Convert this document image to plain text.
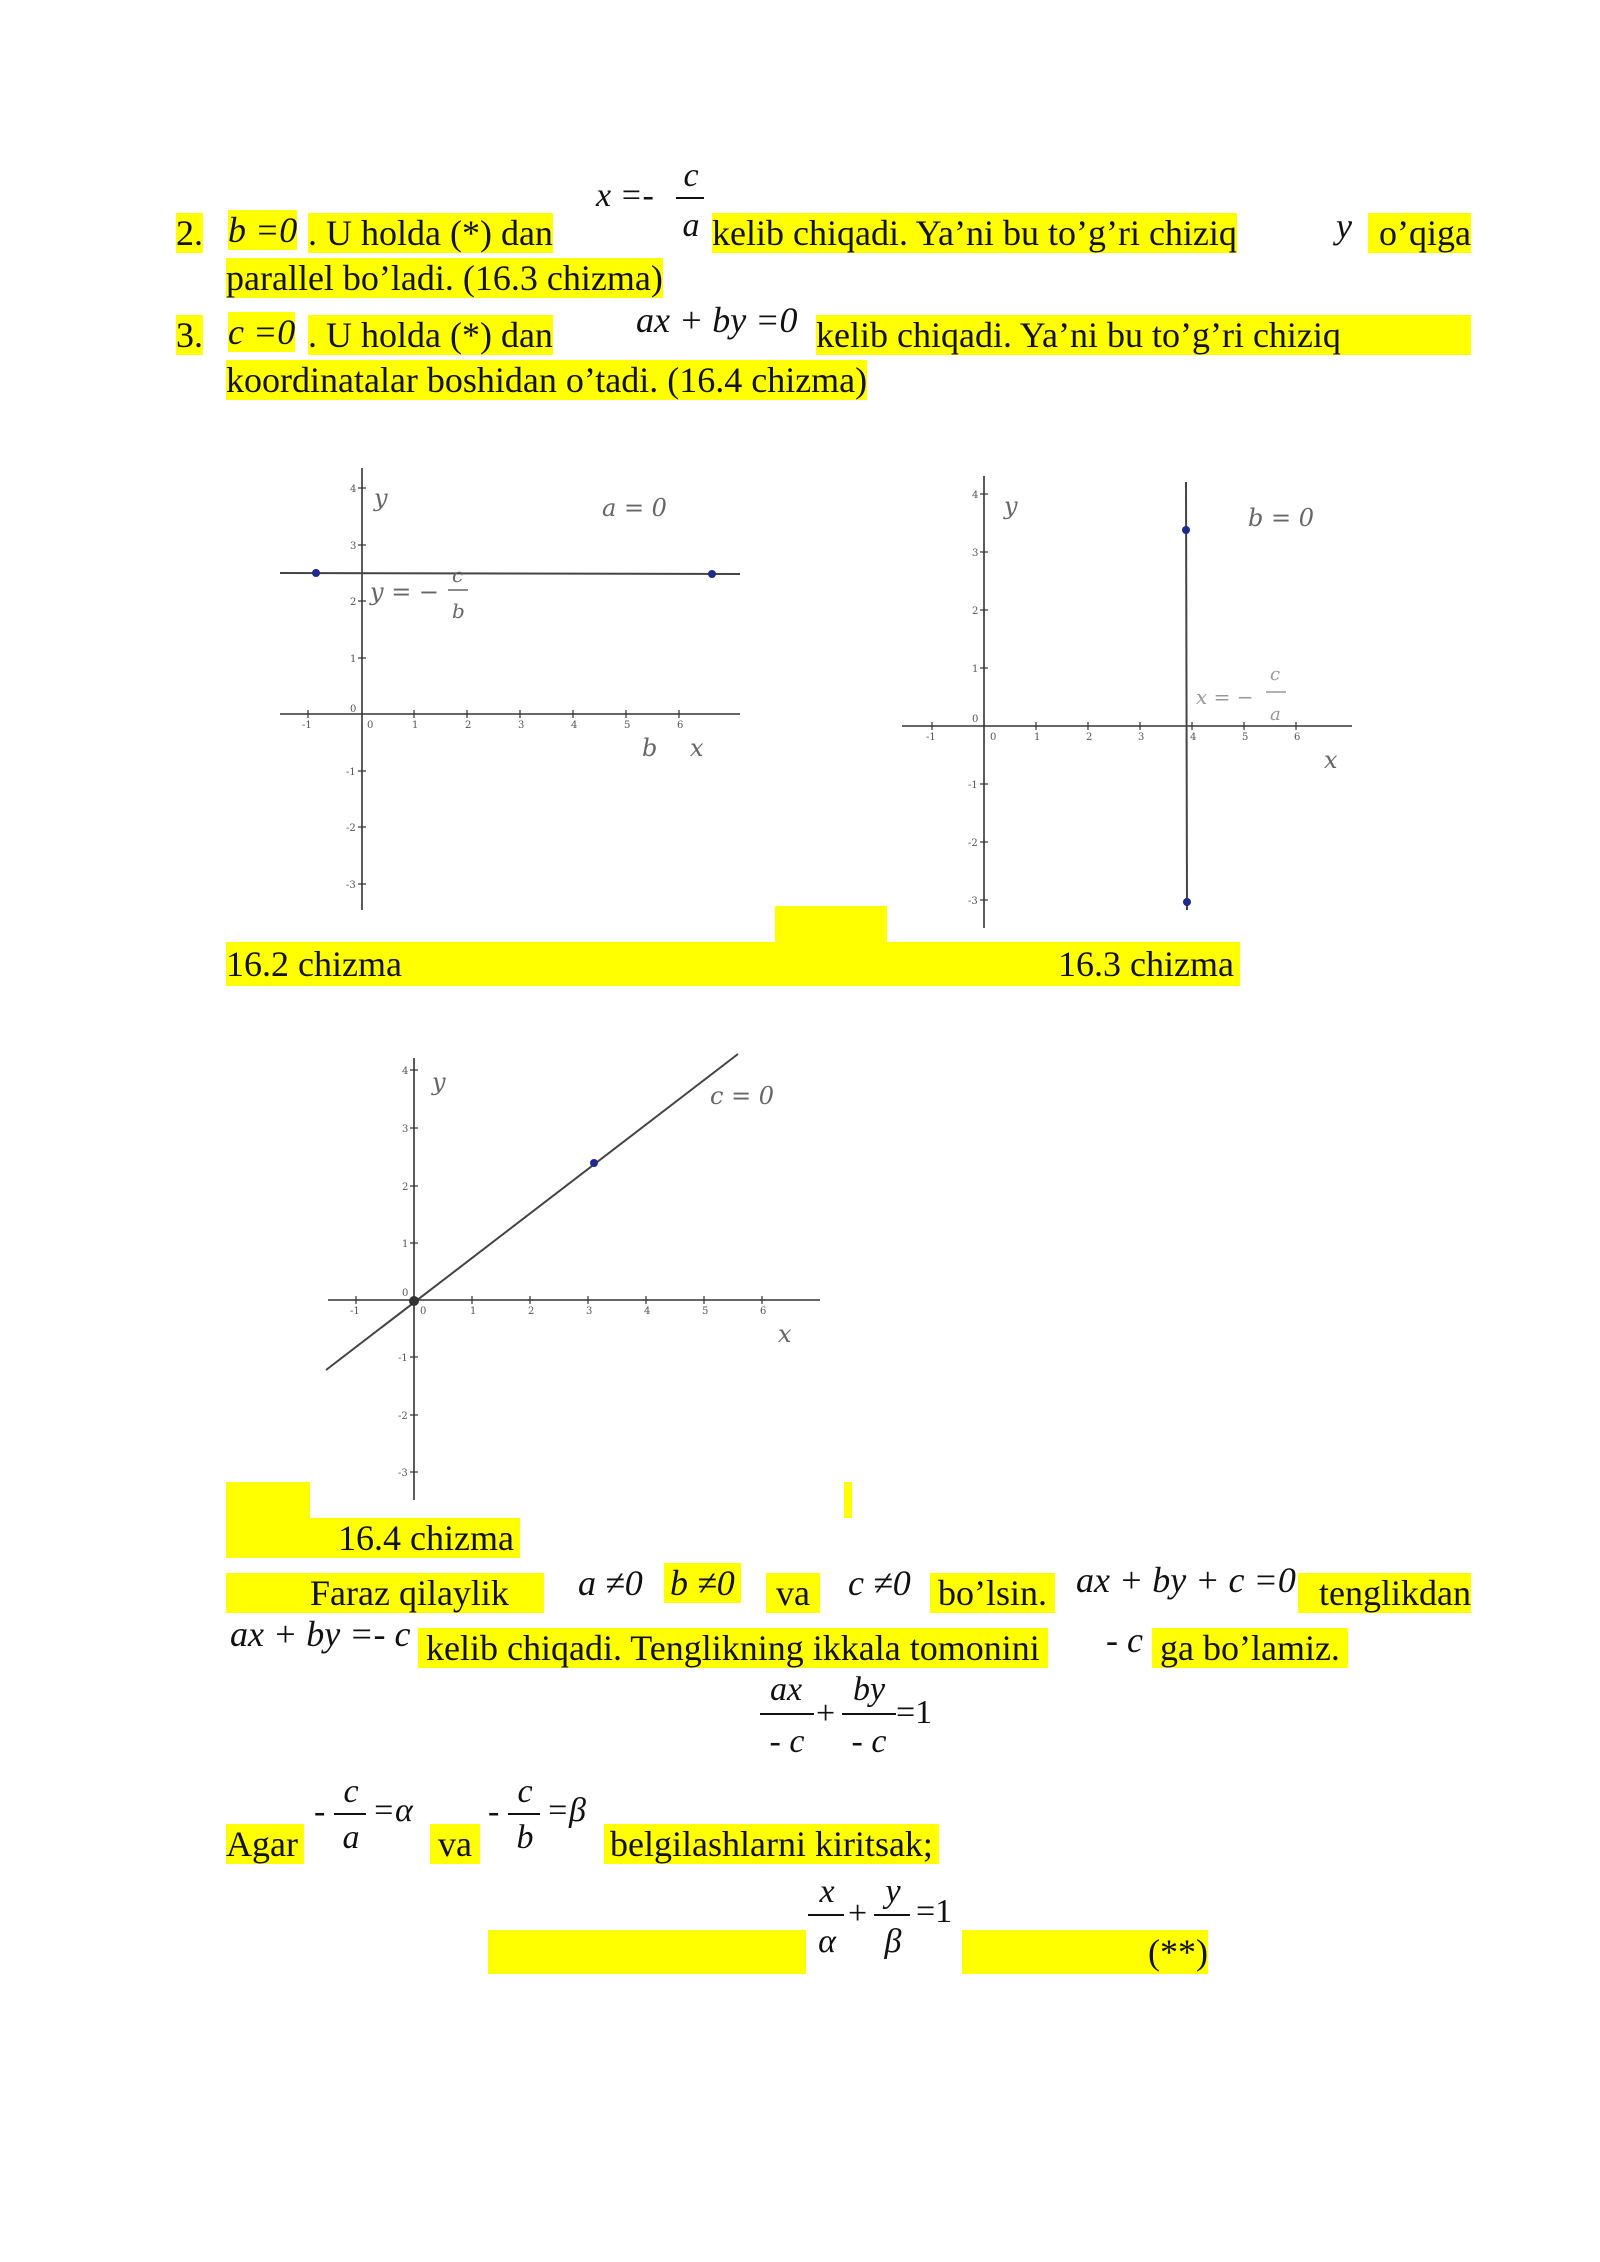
2. b =0 . U holda (*) dan
x =-
c
a kelib chiqadi. Ya’ni bu to’g’ri chiziq	y o’qiga
parallel bo’ladi. (16.3 chizma)
3. c =0 . U holda (*) dan ax + by =0 kelib chiqadi. Ya’ni bu to’g’ri chiziq
koordinatalar boshidan o’tadi. (16.4 chizma)
-1	0	1	2	3	4	5	6
4
3
2
1
0
-1
-2
-3
y
x
b
a = 0
y = −
c
b
-1	0	1	2	3	4	5	6
4
3
2
1
0
-1
-2
-3
y
x
b = 0
x = −
c
a
16.2 chizma	16.3 chizma
-1	0	1	2	3	4	5	6
4
3
2
1
0
-1
-2
-3
y
x
c = 0
16.4 chizma
Faraz qilaylik	a ≠0 b ≠0 va c ≠0 bo’lsin. ax + by + c =0 tenglikdan
ax + by =- c kelib chiqadi. Tenglikning ikkala tomonini - c ga bo’lamiz.
ax
- c
+
by
- c
=1
Agar
-
c
a
=α
va
-
c
b
=β
belgilashlarni kiritsak;
x
α
+
y
β
=1
(**)
